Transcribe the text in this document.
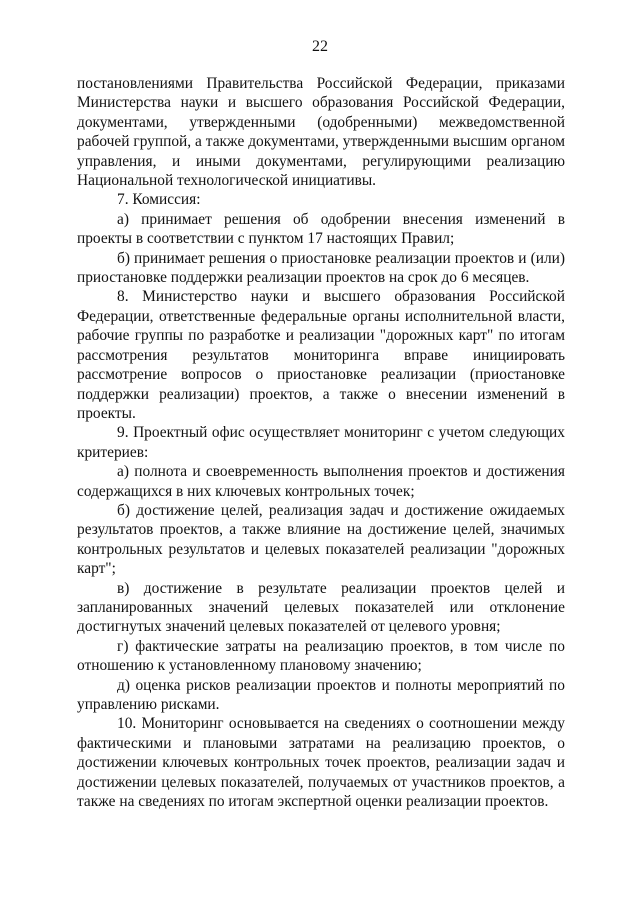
22

постановлениями Правительства Российской Федерации, приказами Министерства науки и высшего образования Российской Федерации, документами, утвержденными (одобренными) межведомственной рабочей группой, а также документами, утвержденными высшим органом управления, и иными документами, регулирующими реализацию Национальной технологической инициативы.

7. Комиссия:

а) принимает решения об одобрении внесения изменений в проекты в соответствии с пунктом 17 настоящих Правил;

б) принимает решения о приостановке реализации проектов и (или) приостановке поддержки реализации проектов на срок до 6 месяцев.

8. Министерство науки и высшего образования Российской Федерации, ответственные федеральные органы исполнительной власти, рабочие группы по разработке и реализации "дорожных карт" по итогам рассмотрения результатов мониторинга вправе инициировать рассмотрение вопросов о приостановке реализации (приостановке поддержки реализации) проектов, а также о внесении изменений в проекты.

9. Проектный офис осуществляет мониторинг с учетом следующих критериев:

а) полнота и своевременность выполнения проектов и достижения содержащихся в них ключевых контрольных точек;

б) достижение целей, реализация задач и достижение ожидаемых результатов проектов, а также влияние на достижение целей, значимых контрольных результатов и целевых показателей реализации "дорожных карт";

в) достижение в результате реализации проектов целей и запланированных значений целевых показателей или отклонение достигнутых значений целевых показателей от целевого уровня;

г) фактические затраты на реализацию проектов, в том числе по отношению к установленному плановому значению;

д) оценка рисков реализации проектов и полноты мероприятий по управлению рисками.

10. Мониторинг основывается на сведениях о соотношении между фактическими и плановыми затратами на реализацию проектов, о достижении ключевых контрольных точек проектов, реализации задач и достижении целевых показателей, получаемых от участников проектов, а также на сведениях по итогам экспертной оценки реализации проектов.
